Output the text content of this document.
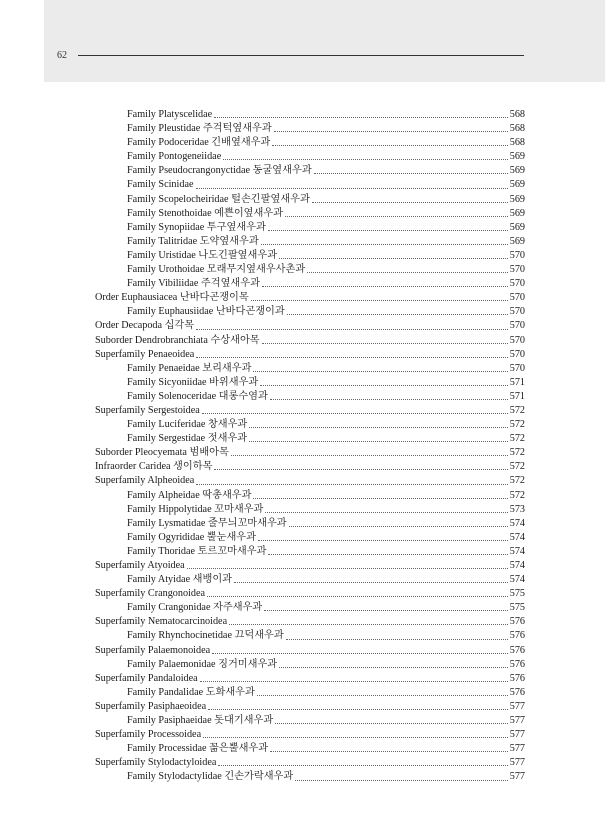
62
Family Platyscelidae	568
Family Pleustidae 주걱턱옆새우과	568
Family Podoceridae 긴배옆새우과	568
Family Pontogeneiidae	569
Family Pseudocrangonyctidae 동굴옆새우과	569
Family Scinidae	569
Family Scopelocheiridae 털손긴팔옆새우과	569
Family Stenothoidae 예쁜이옆새우과	569
Family Synopiidae 투구옆새우과	569
Family Talitridae 도약옆새우과	569
Family Uristidae 나도긴팔옆새우과	570
Family Urothoidae 모래무지옆새우사촌과	570
Family Vibiliidae 주걱옆새우과	570
Order Euphausiacea 난바다곤쟁이목	570
Family Euphausiidae 난바다곤쟁이과	570
Order Decapoda 십각목	570
Suborder Dendrobranchiata 수상새아목	570
Superfamily Penaeoidea	570
Family Penaeidae 보리새우과	570
Family Sicyoniidae 바위새우과	571
Family Solenoceridae 대롱수염과	571
Superfamily Sergestoidea	572
Family Luciferidae 창새우과	572
Family Sergestidae 젓새우과	572
Suborder Pleocyemata 범배아목	572
Infraorder Caridea 생이하목	572
Superfamily Alpheoidea	572
Family Alpheidae 딱총새우과	572
Family Hippolytidae 꼬마새우과	573
Family Lysmatidae 줄무늬꼬마새우과	574
Family Ogyrididae 뿔눈새우과	574
Family Thoridae 토르꼬마새우과	574
Superfamily Atyoidea	574
Family Atyidae 새뱅이과	574
Superfamily Crangonoidea	575
Family Crangonidae 자주새우과	575
Superfamily Nematocarcinoidea	576
Family Rhynchocinetidae 끄덕새우과	576
Superfamily Palaemonoidea	576
Family Palaemonidae 징거미새우과	576
Superfamily Pandaloidea	576
Family Pandalidae 도화새우과	576
Superfamily Pasiphaeoidea	577
Family Pasiphaeidae 돗대기새우과	577
Superfamily Processoidea	577
Family Processidae 꼶은뿔새우과	577
Superfamily Stylodactyloidea	577
Family Stylodactylidae 긴손가락새우과	577
